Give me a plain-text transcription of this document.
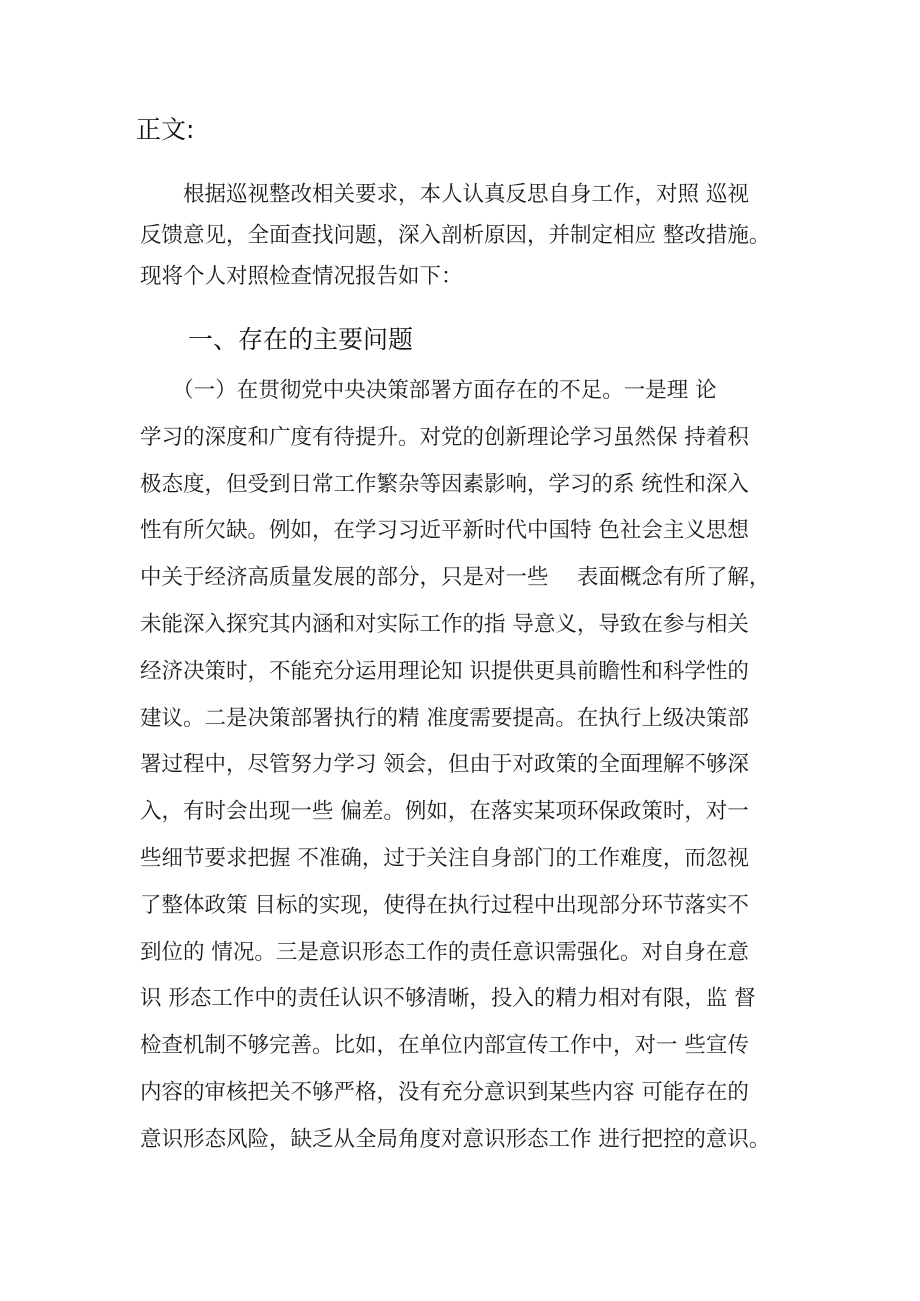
正文:
　　根据巡视整改相关要求，本人认真反思自身工作，对照 巡视
反馈意见，全面查找问题，深入剖析原因，并制定相应 整改措施。
现将个人对照检查情况报告如下：
一、存在的主要问题
　　（一）在贯彻党中央决策部署方面存在的不足。一是理 论
学习的深度和广度有待提升。对党的创新理论学习虽然保 持着积
极态度，但受到日常工作繁杂等因素影响，学习的系 统性和深入
性有所欠缺。例如，在学习习近平新时代中国特 色社会主义思想
中关于经济高质量发展的部分，只是对一些　 表面概念有所了解，
未能深入探究其内涵和对实际工作的指 导意义，导致在参与相关
经济决策时，不能充分运用理论知 识提供更具前瞻性和科学性的
建议。二是决策部署执行的精 准度需要提高。在执行上级决策部
署过程中，尽管努力学习 领会，但由于对政策的全面理解不够深
入，有时会出现一些 偏差。例如，在落实某项环保政策时，对一
些细节要求把握 不准确，过于关注自身部门的工作难度，而忽视
了整体政策 目标的实现，使得在执行过程中出现部分环节落实不
到位的 情况。三是意识形态工作的责任意识需强化。对自身在意
识 形态工作中的责任认识不够清晰，投入的精力相对有限，监 督
检查机制不够完善。比如，在单位内部宣传工作中，对一 些宣传
内容的审核把关不够严格，没有充分意识到某些内容 可能存在的
意识形态风险，缺乏从全局角度对意识形态工作 进行把控的意识。
